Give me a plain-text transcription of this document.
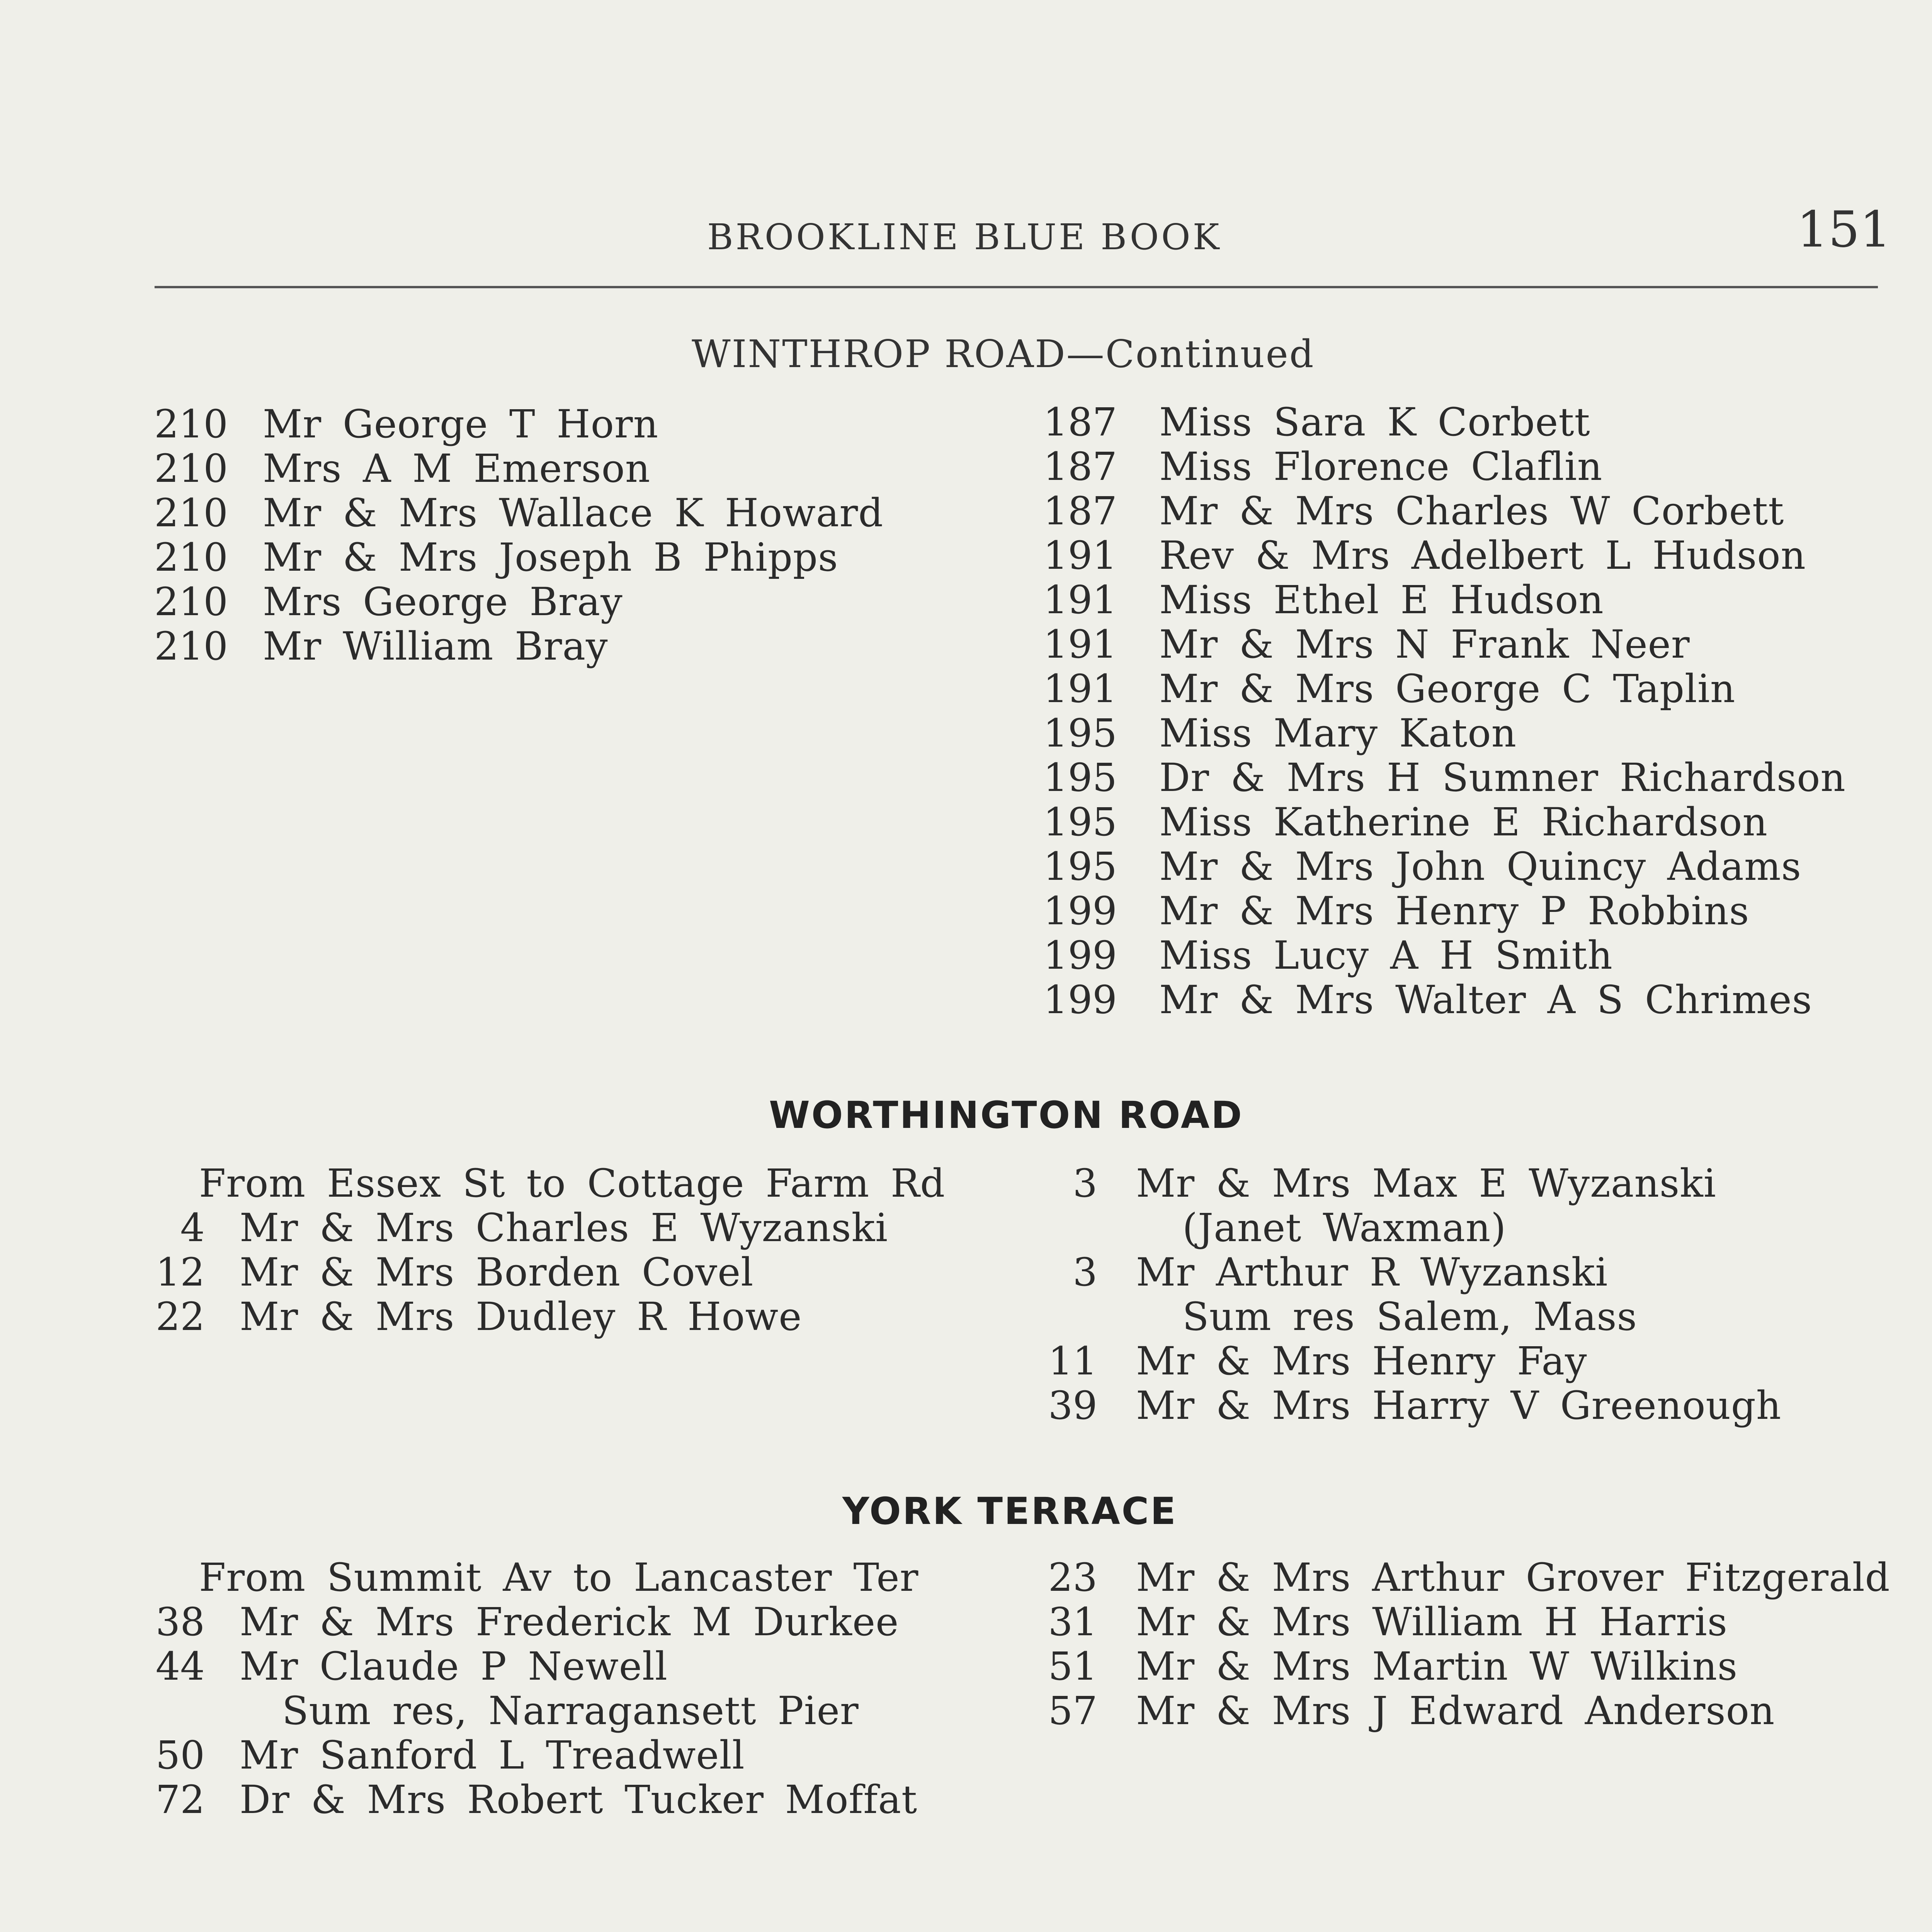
BROOKLINE BLUE BOOK	151
WINTHROP ROAD—Continued
210 Mr George T Horn
210 Mrs A M Emerson
210 Mr & Mrs Wallace K Howard
210 Mr & Mrs Joseph B Phipps
210 Mrs George Bray
210 Mr William Bray
187 Miss Sara K Corbett
187 Miss Florence Claflin
187 Mr & Mrs Charles W Corbett
191 Rev & Mrs Adelbert L Hudson
191 Miss Ethel E Hudson
191 Mr & Mrs N Frank Neer
191 Mr & Mrs George C Taplin
195 Miss Mary Katon
195 Dr & Mrs H Sumner Richardson
195 Miss Katherine E Richardson
195 Mr & Mrs John Quincy Adams
199 Mr & Mrs Henry P Robbins
199 Miss Lucy A H Smith
199 Mr & Mrs Walter A S Chrimes
WORTHINGTON ROAD
From Essex St to Cottage Farm Rd
4 Mr & Mrs Charles E Wyzanski
12 Mr & Mrs Borden Covel
22 Mr & Mrs Dudley R Howe
3 Mr & Mrs Max E Wyzanski
(Janet Waxman)
3 Mr Arthur R Wyzanski
Sum res Salem, Mass
11 Mr & Mrs Henry Fay
39 Mr & Mrs Harry V Greenough
YORK TERRACE
From Summit Av to Lancaster Ter
38 Mr & Mrs Frederick M Durkee
44 Mr Claude P Newell
Sum res, Narragansett Pier
50 Mr Sanford L Treadwell
72 Dr & Mrs Robert Tucker Moffat
23 Mr & Mrs Arthur Grover Fitzgerald
31 Mr & Mrs William H Harris
51 Mr & Mrs Martin W Wilkins
57 Mr & Mrs J Edward Anderson
